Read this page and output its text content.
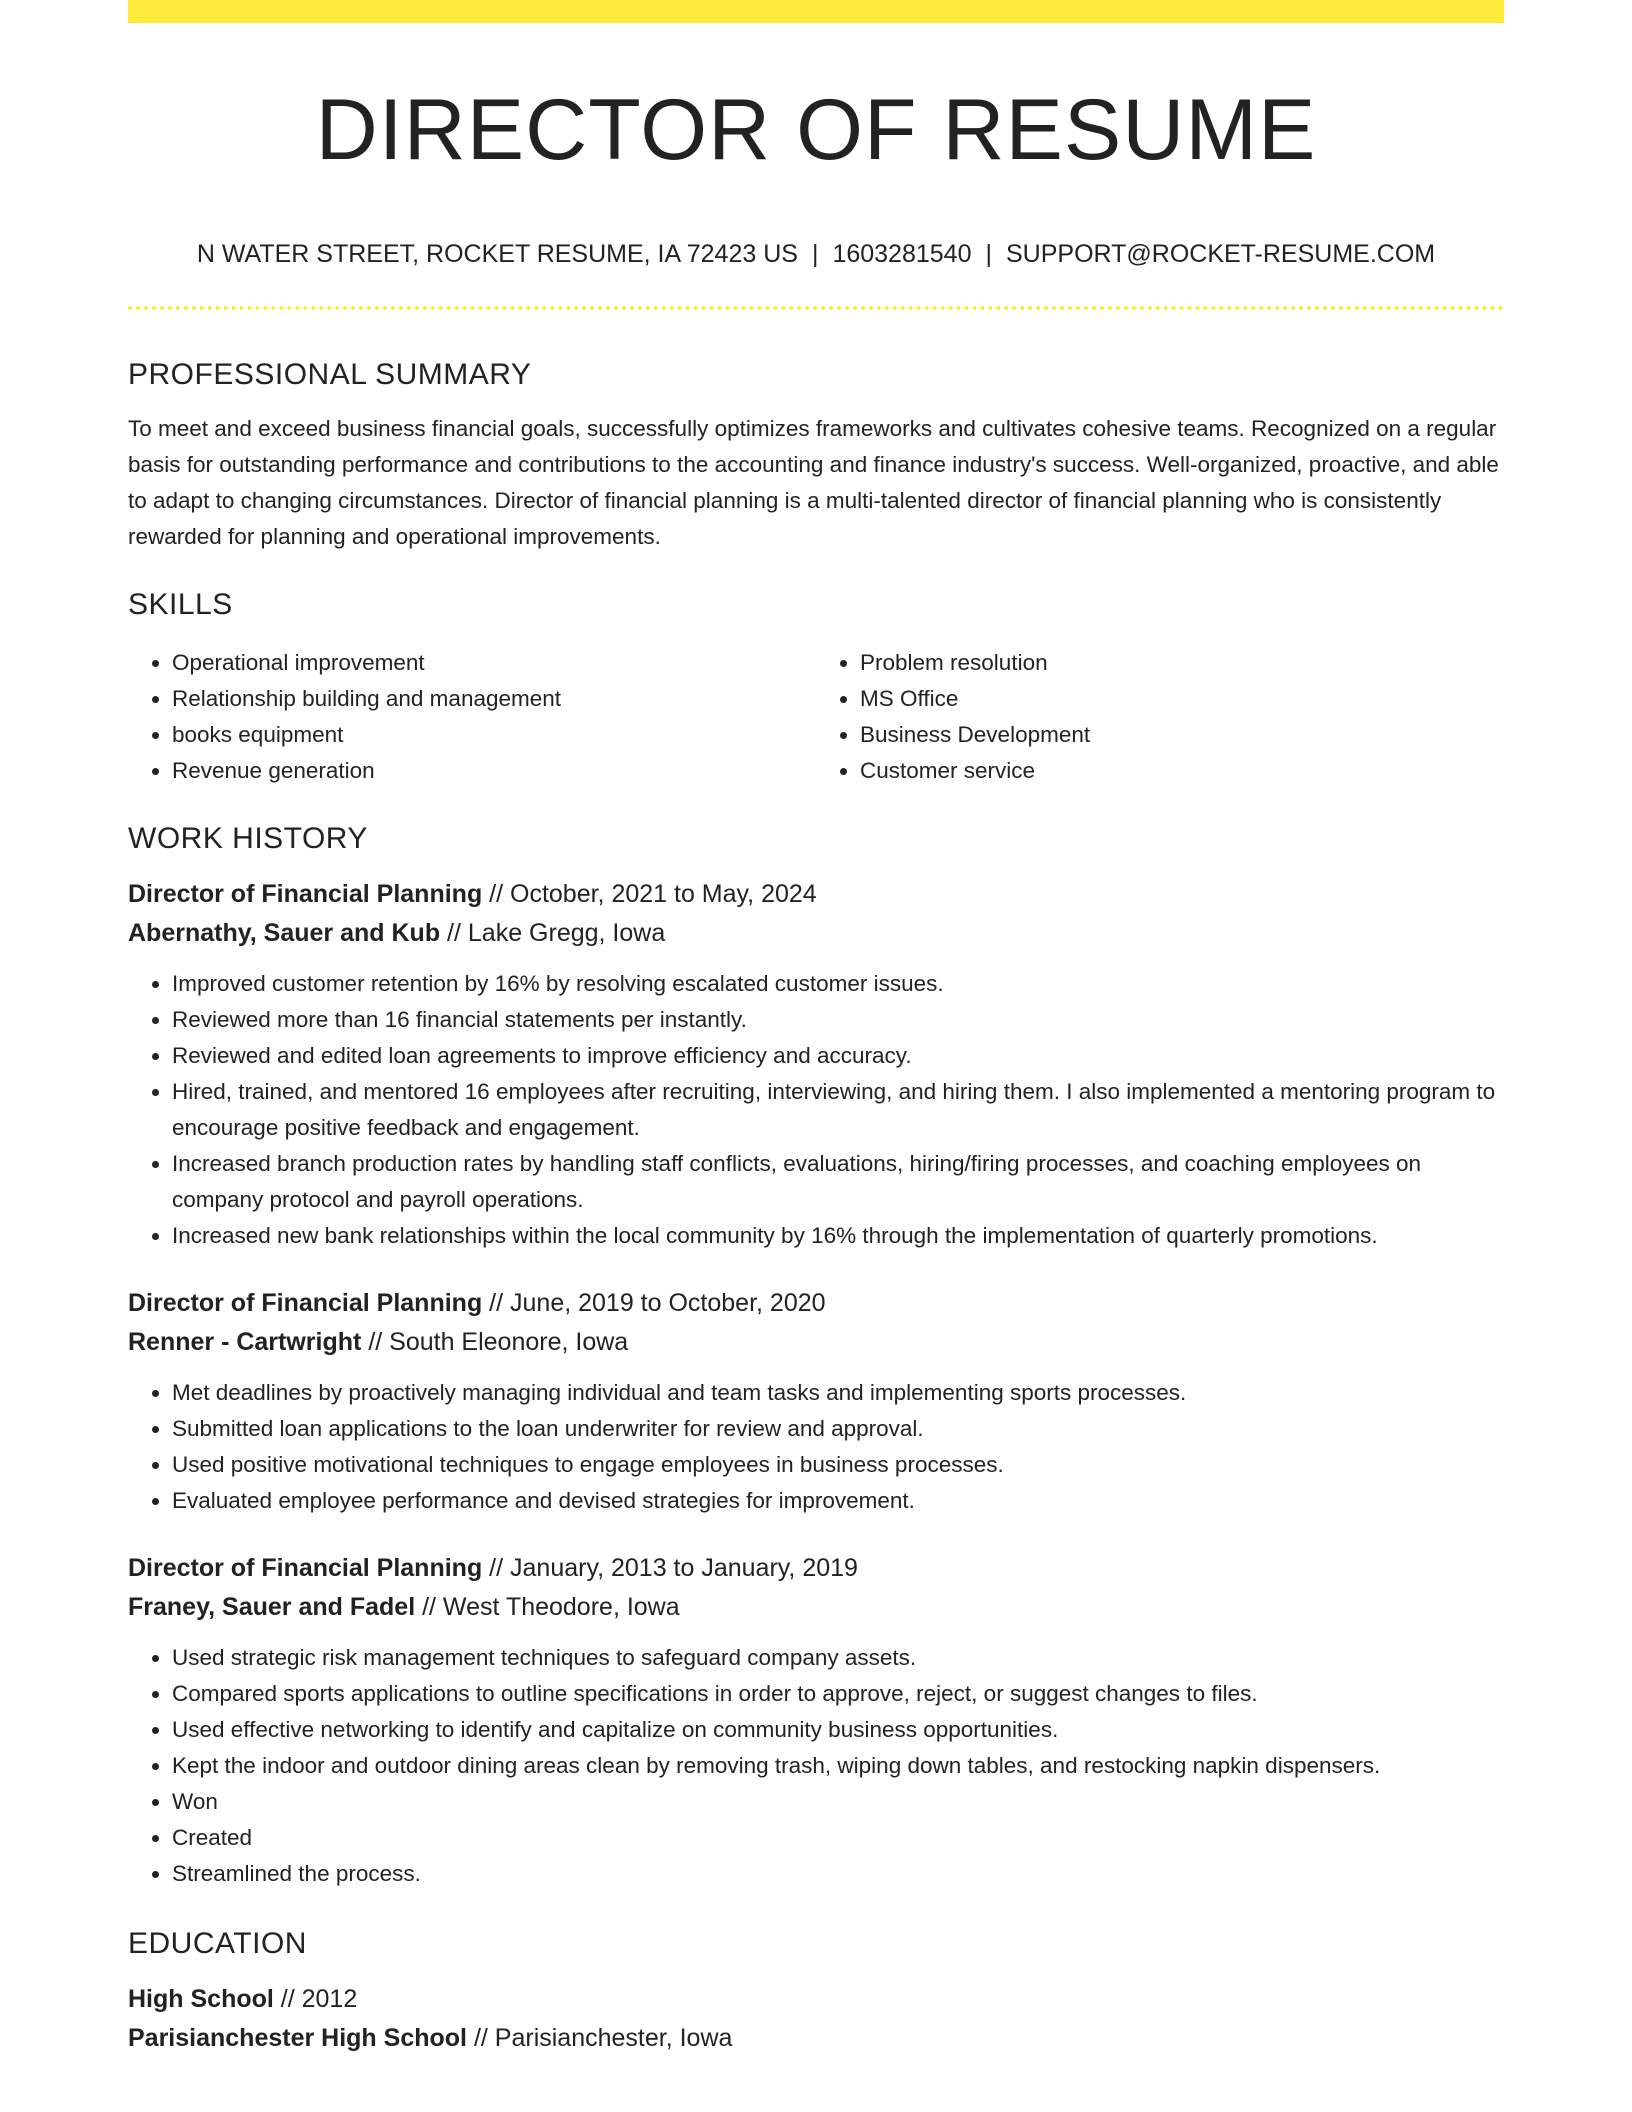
DIRECTOR OF RESUME
N WATER STREET, ROCKET RESUME, IA 72423 US | 1603281540 | SUPPORT@ROCKET-RESUME.COM
PROFESSIONAL SUMMARY

To meet and exceed business financial goals, successfully optimizes frameworks and cultivates cohesive teams. Recognized on a regular basis for outstanding performance and contributions to the accounting and finance industry's success. Well-organized, proactive, and able to adapt to changing circumstances. Director of financial planning is a multi-talented director of financial planning who is consistently rewarded for planning and operational improvements.

SKILLS
• Operational improvement
• Relationship building and management
• books equipment
• Revenue generation
• Problem resolution
• MS Office
• Business Development
• Customer service
WORK HISTORY
Director of Financial Planning // October, 2021 to May, 2024
Abernathy, Sauer and Kub // Lake Gregg, Iowa
• Improved customer retention by 16% by resolving escalated customer issues.
• Reviewed more than 16 financial statements per instantly.
• Reviewed and edited loan agreements to improve efficiency and accuracy.
• Hired, trained, and mentored 16 employees after recruiting, interviewing, and hiring them. I also implemented a mentoring program to encourage positive feedback and engagement.
• Increased branch production rates by handling staff conflicts, evaluations, hiring/firing processes, and coaching employees on company protocol and payroll operations.
• Increased new bank relationships within the local community by 16% through the implementation of quarterly promotions.
Director of Financial Planning // June, 2019 to October, 2020
Renner - Cartwright // South Eleonore, Iowa
• Met deadlines by proactively managing individual and team tasks and implementing sports processes.
• Submitted loan applications to the loan underwriter for review and approval.
• Used positive motivational techniques to engage employees in business processes.
• Evaluated employee performance and devised strategies for improvement.
Director of Financial Planning // January, 2013 to January, 2019
Franey, Sauer and Fadel // West Theodore, Iowa
• Used strategic risk management techniques to safeguard company assets.
• Compared sports applications to outline specifications in order to approve, reject, or suggest changes to files.
• Used effective networking to identify and capitalize on community business opportunities.
• Kept the indoor and outdoor dining areas clean by removing trash, wiping down tables, and restocking napkin dispensers.
• Won
• Created
• Streamlined the process.
EDUCATION
High School // 2012
Parisianchester High School // Parisianchester, Iowa
